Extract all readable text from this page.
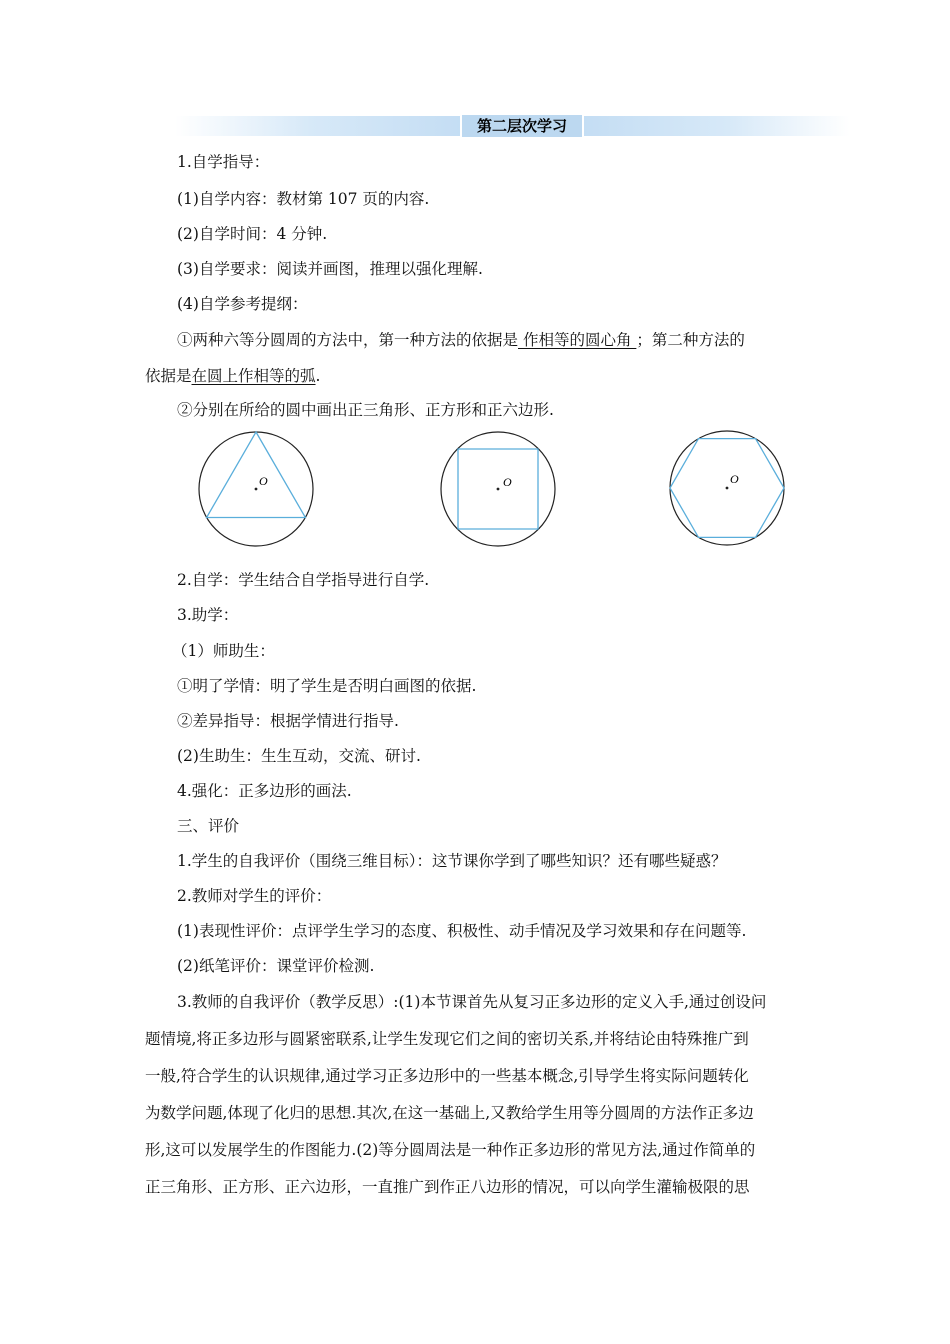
第二层次学习
1.自学指导：
(1)自学内容：教材第 107 页的内容.
(2)自学时间：4 分钟.
(3)自学要求：阅读并画图，推理以强化理解.
(4)自学参考提纲：
①两种六等分圆周的方法中，第一种方法的依据是 作相等的圆心角 ；第二种方法的
依据是在圆上作相等的弧.
②分别在所给的圆中画出正三角形、正方形和正六边形.
O	O	O
2.自学：学生结合自学指导进行自学.
3.助学：
（1）师助生：
①明了学情：明了学生是否明白画图的依据.
②差异指导：根据学情进行指导.
(2)生助生：生生互动，交流、研讨.
4.强化：正多边形的画法.
三、评价
1.学生的自我评价（围绕三维目标）：这节课你学到了哪些知识？还有哪些疑惑？
2.教师对学生的评价：
(1)表现性评价：点评学生学习的态度、积极性、动手情况及学习效果和存在问题等.
(2)纸笔评价：课堂评价检测.
3.教师的自我评价（教学反思）:(1)本节课首先从复习正多边形的定义入手,通过创设问
题情境,将正多边形与圆紧密联系,让学生发现它们之间的密切关系,并将结论由特殊推广到
一般,符合学生的认识规律,通过学习正多边形中的一些基本概念,引导学生将实际问题转化
为数学问题,体现了化归的思想.其次,在这一基础上,又教给学生用等分圆周的方法作正多边
形,这可以发展学生的作图能力.(2)等分圆周法是一种作正多边形的常见方法,通过作简单的
正三角形、正方形、正六边形，一直推广到作正八边形的情况，可以向学生灌输极限的思
